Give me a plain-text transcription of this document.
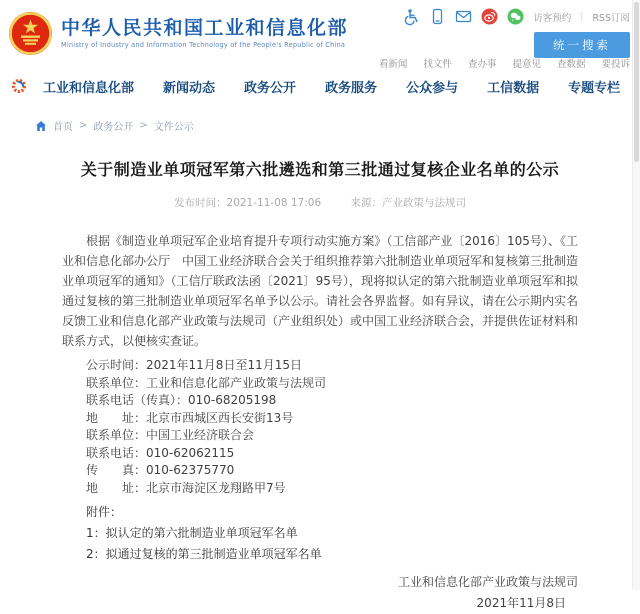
中华人民共和国工业和信息化部
Ministry of Industry and Information Technology of the People's Republic of China
访客预约 | RSS订阅
统一搜索
看新闻 找文件 查办事 提意见 查数据 要投诉
工业和信息化部 新闻动态 政务公开 政务服务 公众参与 工信数据 专题专栏
首页 > 政务公开 > 文件公示
关于制造业单项冠军第六批遴选和第三批通过复核企业名单的公示
发布时间：2021-11-08 17:06	来源：产业政策与法规司

根据《制造业单项冠军企业培育提升专项行动实施方案》（工信部产业〔2016〕105号）、《工业和信息化部办公厅　中国工业经济联合会关于组织推荐第六批制造业单项冠军和复核第三批制造业单项冠军的通知》（工信厅联政法函〔2021〕95号），现将拟认定的第六批制造业单项冠军和拟通过复核的第三批制造业单项冠军名单予以公示。请社会各界监督。如有异议，请在公示期内实名反馈工业和信息化部产业政策与法规司（产业组织处）或中国工业经济联合会，并提供佐证材料和联系方式，以便核实查证。

公示时间：2021年11月8日至11月15日
联系单位：工业和信息化部产业政策与法规司
联系电话（传真）：010-68205198
地　　址：北京市西城区西长安街13号
联系单位：中国工业经济联合会
联系电话：010-62062115
传　　真：010-62375770
地　　址：北京市海淀区龙翔路甲7号
附件：
1：拟认定的第六批制造业单项冠军名单
2：拟通过复核的第三批制造业单项冠军名单
工业和信息化部产业政策与法规司
2021年11月8日
